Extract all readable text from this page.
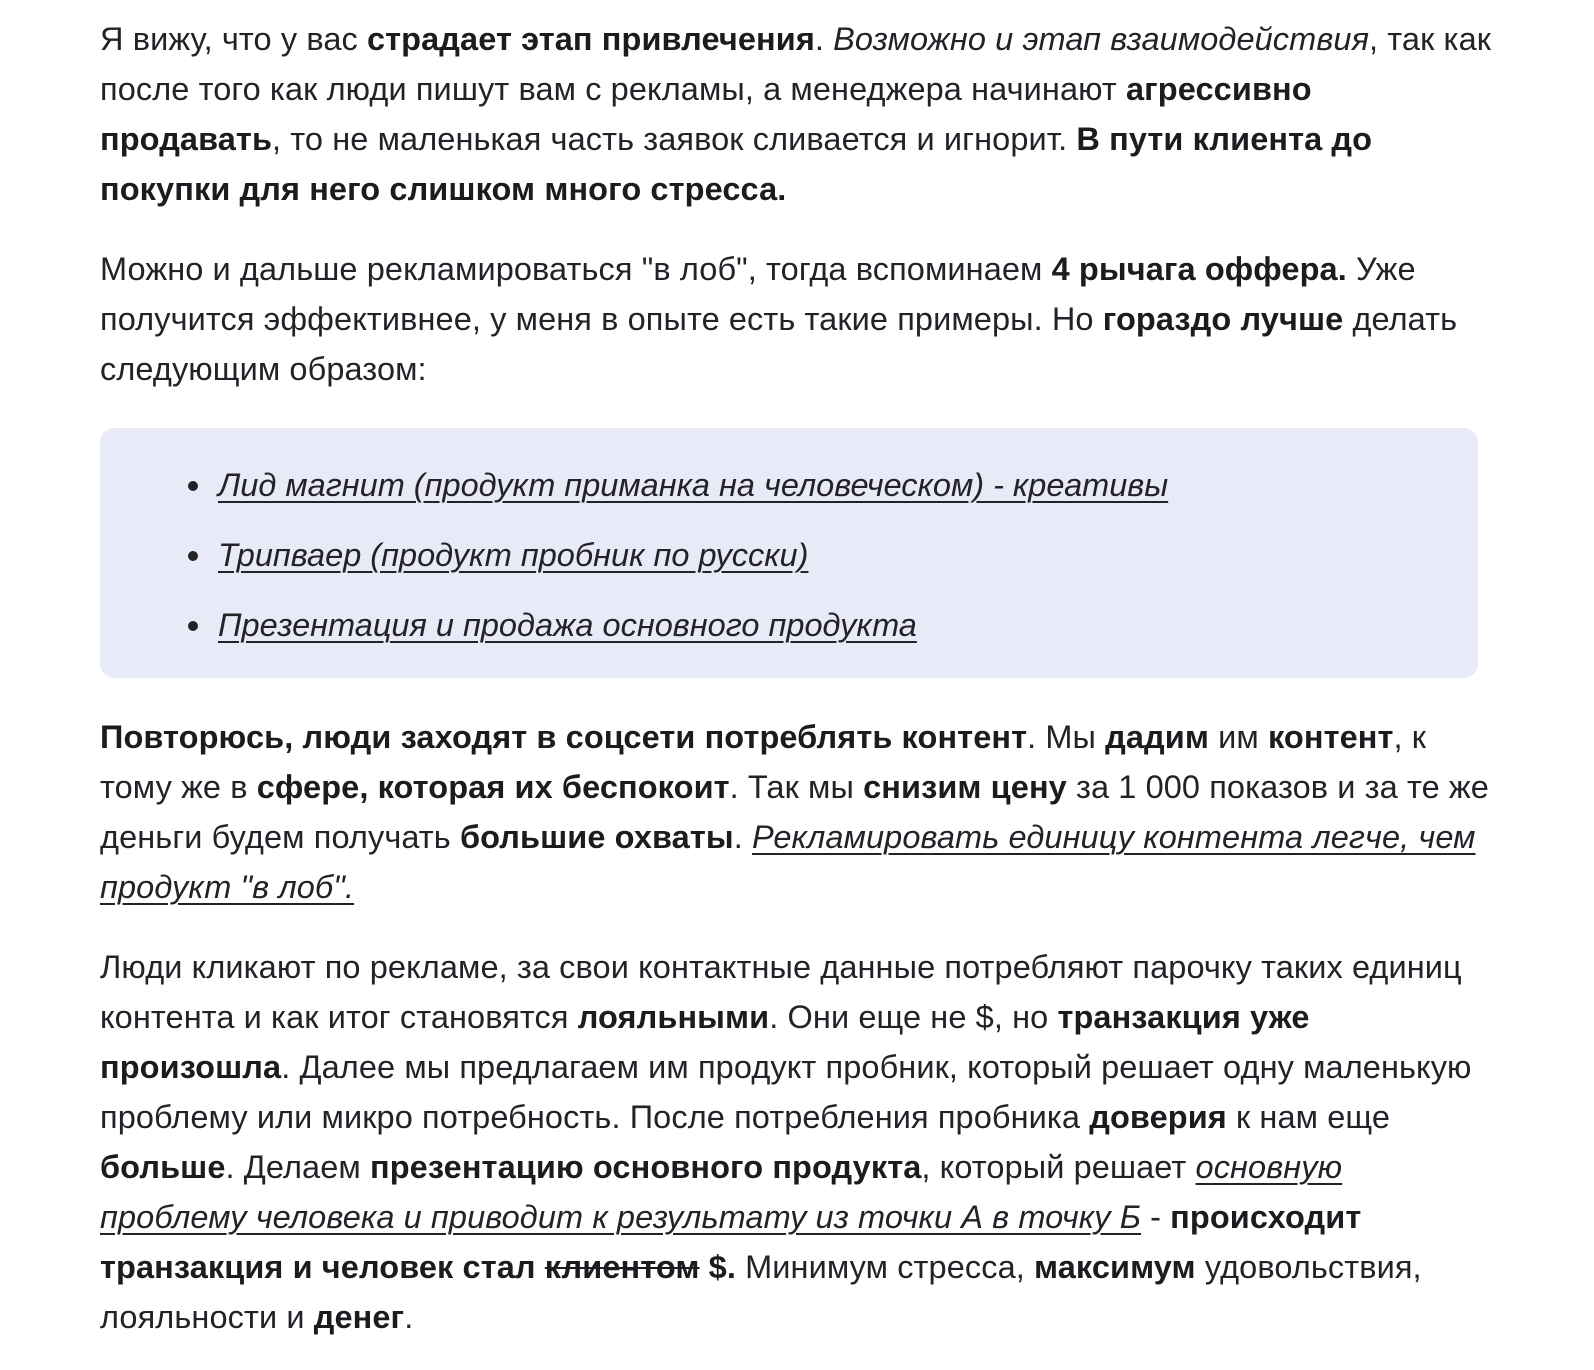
Я вижу, что у вас страдает этап привлечения. Возможно и этап взаимодействия, так как после того как люди пишут вам с рекламы, а менеджера начинают агрессивно продавать, то не маленькая часть заявок сливается и игнорит. В пути клиента до покупки для него слишком много стресса.

Можно и дальше рекламироваться "в лоб", тогда вспоминаем 4 рычага оффера. Уже получится эффективнее, у меня в опыте есть такие примеры. Но гораздо лучше делать следующим образом:

Лид магнит (продукт приманка на человеческом) - креативы
Трипваер (продукт пробник по русски)
Презентация и продажа основного продукта

Повторюсь, люди заходят в соцсети потреблять контент. Мы дадим им контент, к тому же в сфере, которая их беспокоит. Так мы снизим цену за 1 000 показов и за те же деньги будем получать большие охваты. Рекламировать единицу контента легче, чем продукт "в лоб".

Люди кликают по рекламе, за свои контактные данные потребляют парочку таких единиц контента и как итог становятся лояльными. Они еще не $, но транзакция уже произошла. Далее мы предлагаем им продукт пробник, который решает одну маленькую проблему или микро потребность. После потребления пробника доверия к нам еще больше. Делаем презентацию основного продукта, который решает основную проблему человека и приводит к результату из точки А в точку Б - происходит транзакция и человек стал клиентом $. Минимум стресса, максимум удовольствия, лояльности и денег.
